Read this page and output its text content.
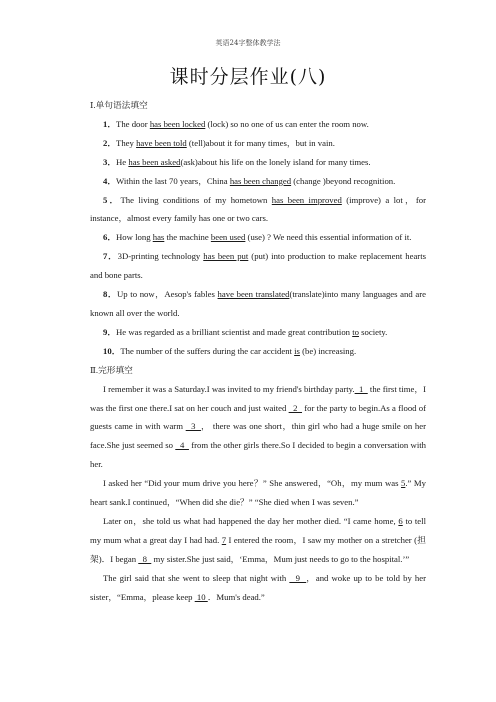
英语24字整体教学法
课时分层作业(八)

Ⅰ.单句语法填空

1．The door has been locked (lock) so no one of us can enter the room now.

2．They have been told (tell)about it for many times，but in vain.

3．He has been asked(ask)about his life on the lonely island for many times.

4．Within the last 70 years，China has been changed (change )beyond recognition.

5．The living conditions of my hometown has been improved (improve) a lot，for instance，almost every family has one or two cars.

6．How long has the machine been used (use) ? We need this essential information of it.

7．3D-printing technology has been put (put) into production to make replacement hearts and bone parts.

8．Up to now，Aesop's fables have been translated(translate)into many languages and are known all over the world.

9．He was regarded as a brilliant scientist and made great contribution to society.

10．The number of the suffers during the car accident is (be) increasing.

Ⅱ.完形填空

I remember it was a Saturday.I was invited to my friend's birthday party.  1   the first time，I was the first one there.I sat on her couch and just waited   2   for the party to begin.As a flood of guests came in with warm   3  ， there was one short，thin girl who had a huge smile on her face.She just seemed so   4   from the other girls there.So I decided to begin a conversation with her.

I asked her “Did your mum drive you here？” She answered，“Oh，my mum was 5.” My heart sank.I continued，“When did she die？” “She died when I was seven.”

Later on，she told us what had happened the day her mother died. “I came home, 6 to tell my mum what a great day I had had. 7 I entered the room，I saw my mother on a stretcher (担架)．I began   8   my sister.She just said，‘Emma，Mum just needs to go to the hospital.’”

The girl said that she went to sleep that night with   9  ，and woke up to be told by her sister，“Emma，please keep  10 ．Mum's dead.”
